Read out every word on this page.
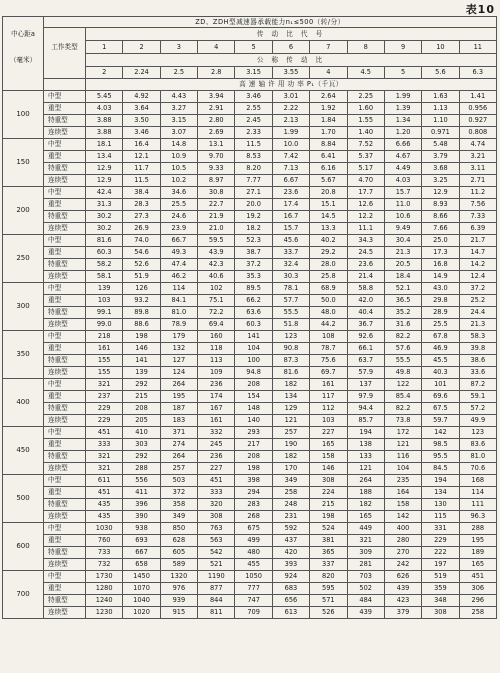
表10
	ZD、ZDH型减速器承载能力n₁≤500（转/分）											
中心距a		传 动 比 代 号										
	工作类型	1	2	3	4	5	6	7	8	9	10	11
（毫米）		公 称 传 动 比										
		2	2.24	2.5	2.8	3.15	3.55	4	4.5	5	5.6	6.3
		高 速 轴 许 用 功 率 P₁（千瓦）										
100	中型	5.45	4.92	4.43	3.94	3.46	3.01	2.64	2.25	1.99	1.63	1.41
	重型	4.03	3.64	3.27	2.91	2.55	2.22	1.92	1.60	1.39	1.13	0.956
	特重型	3.88	3.50	3.15	2.80	2.45	2.13	1.84	1.55	1.34	1.10	0.927
	连续型	3.88	3.46	3.07	2.69	2.33	1.99	1.70	1.40	1.20	0.971	0.808
150	中型	18.1	16.4	14.8	13.1	11.5	10.0	8.84	7.52	6.66	5.48	4.74
	重型	13.4	12.1	10.9	9.70	8.53	7.42	6.41	5.37	4.67	3.79	3.21
	特重型	12.9	11.7	10.5	9.33	8.20	7.13	6.16	5.17	4.49	3.68	3.11
	连续型	12.9	11.5	10.2	8.97	7.77	6.67	5.67	4.70	4.03	3.25	2.71
200	中型	42.4	38.4	34.6	30.8	27.1	23.6	20.8	17.7	15.7	12.9	11.2
	重型	31.3	28.3	25.5	22.7	20.0	17.4	15.1	12.6	11.0	8.93	7.56
	特重型	30.2	27.3	24.6	21.9	19.2	16.7	14.5	12.2	10.6	8.66	7.33
	连续型	30.2	26.9	23.9	21.0	18.2	15.7	13.3	11.1	9.49	7.66	6.39
250	中型	81.6	74.0	66.7	59.5	52.3	45.6	40.2	34.3	30.4	25.0	21.7
	重型	60.3	54.6	49.3	43.9	38.7	33.7	29.2	24.5	21.3	17.3	14.7
	特重型	58.2	52.6	47.4	42.3	37.2	32.4	28.0	23.6	20.5	16.8	14.2
	连续型	58.1	51.9	46.2	40.6	35.3	30.3	25.8	21.4	18.4	14.9	12.4
300	中型	139	126	114	102	89.5	78.1	68.9	58.8	52.1	43.0	37.2
	重型	103	93.2	84.1	75.1	66.2	57.7	50.0	42.0	36.5	29.8	25.2
	特重型	99.1	89.8	81.0	72.2	63.6	55.5	48.0	40.4	35.2	28.9	24.4
	连续型	99.0	88.6	78.9	69.4	60.3	51.8	44.2	36.7	31.6	25.5	21.3
350	中型	218	198	179	160	141	123	108	92.6	82.2	67.8	58.3
	重型	161	146	132	118	104	90.8	78.7	66.1	57.6	46.9	39.8
	特重型	155	141	127	113	100	87.3	75.6	63.7	55.5	45.5	38.6
	连续型	155	139	124	109	94.8	81.6	69.7	57.9	49.8	40.3	33.6
400	中型	321	292	264	236	208	182	161	137	122	101	87.2
	重型	237	215	195	174	154	134	117	97.9	85.4	69.6	59.1
	特重型	229	208	187	167	148	129	112	94.4	82.2	67.5	57.2
	连续型	229	205	183	161	140	121	103	85.7	73.8	59.7	49.9
450	中型	451	410	371	332	293	257	227	194	172	142	123
	重型	333	303	274	245	217	190	165	138	121	98.5	83.6
	特重型	321	292	264	236	208	182	158	133	116	95.5	81.0
	连续型	321	288	257	227	198	170	146	121	104	84.5	70.6
500	中型	611	556	503	451	398	349	308	264	235	194	168
	重型	451	411	372	333	294	258	224	188	164	134	114
	特重型	435	396	358	320	283	248	215	182	158	130	111
	连续型	435	390	349	308	268	231	198	165	142	115	96.3
600	中型	1030	938	850	763	675	592	524	449	400	331	288
	重型	760	693	628	563	499	437	381	321	280	229	195
	特重型	733	667	605	542	480	420	365	309	270	222	189
	连续型	732	658	589	521	455	393	337	281	242	197	165
700	中型	1730	1450	1320	1190	1050	924	820	703	626	519	451
	重型	1280	1070	976	877	777	683	595	502	439	359	306
	特重型	1240	1040	939	844	747	656	571	484	423	348	296
	连续型	1230	1020	915	811	709	613	526	439	379	308	258
